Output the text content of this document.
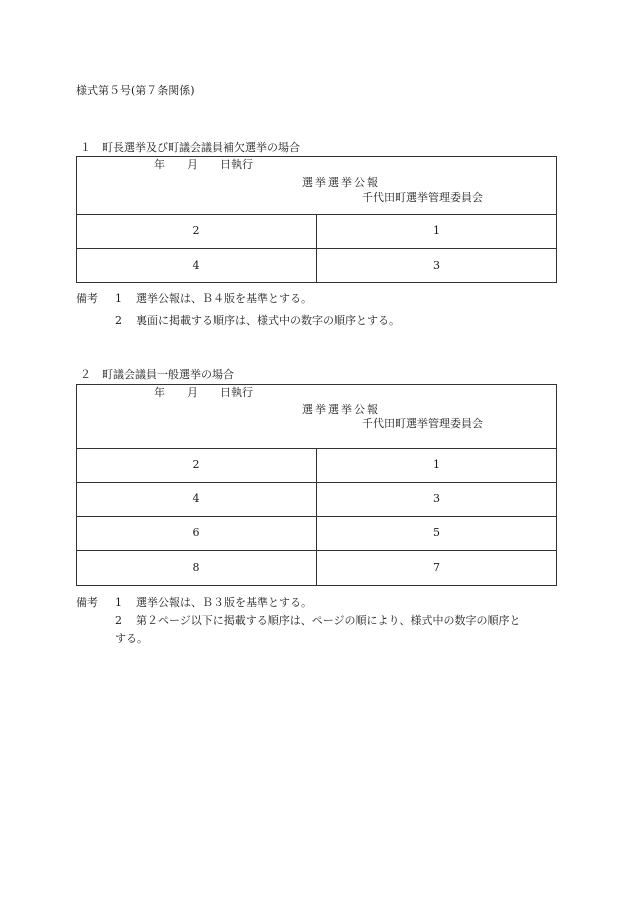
様式第５号(第７条関係)
１　町長選挙及び町議会議員補欠選挙の場合
年　　月　　日執行
選挙選挙公報
千代田町選挙管理委員会
2	1
4	3
備考 1 選挙公報は、Ｂ４版を基準とする。
2 裏面に掲載する順序は、様式中の数字の順序とする。
２　町議会議員一般選挙の場合
年　　月　　日執行
選挙選挙公報
千代田町選挙管理委員会
2	1
4	3
6	5
8	7
備考 1 選挙公報は、Ｂ３版を基準とする。
2 第２ページ以下に掲載する順序は、ページの順により、様式中の数字の順序と
する。
